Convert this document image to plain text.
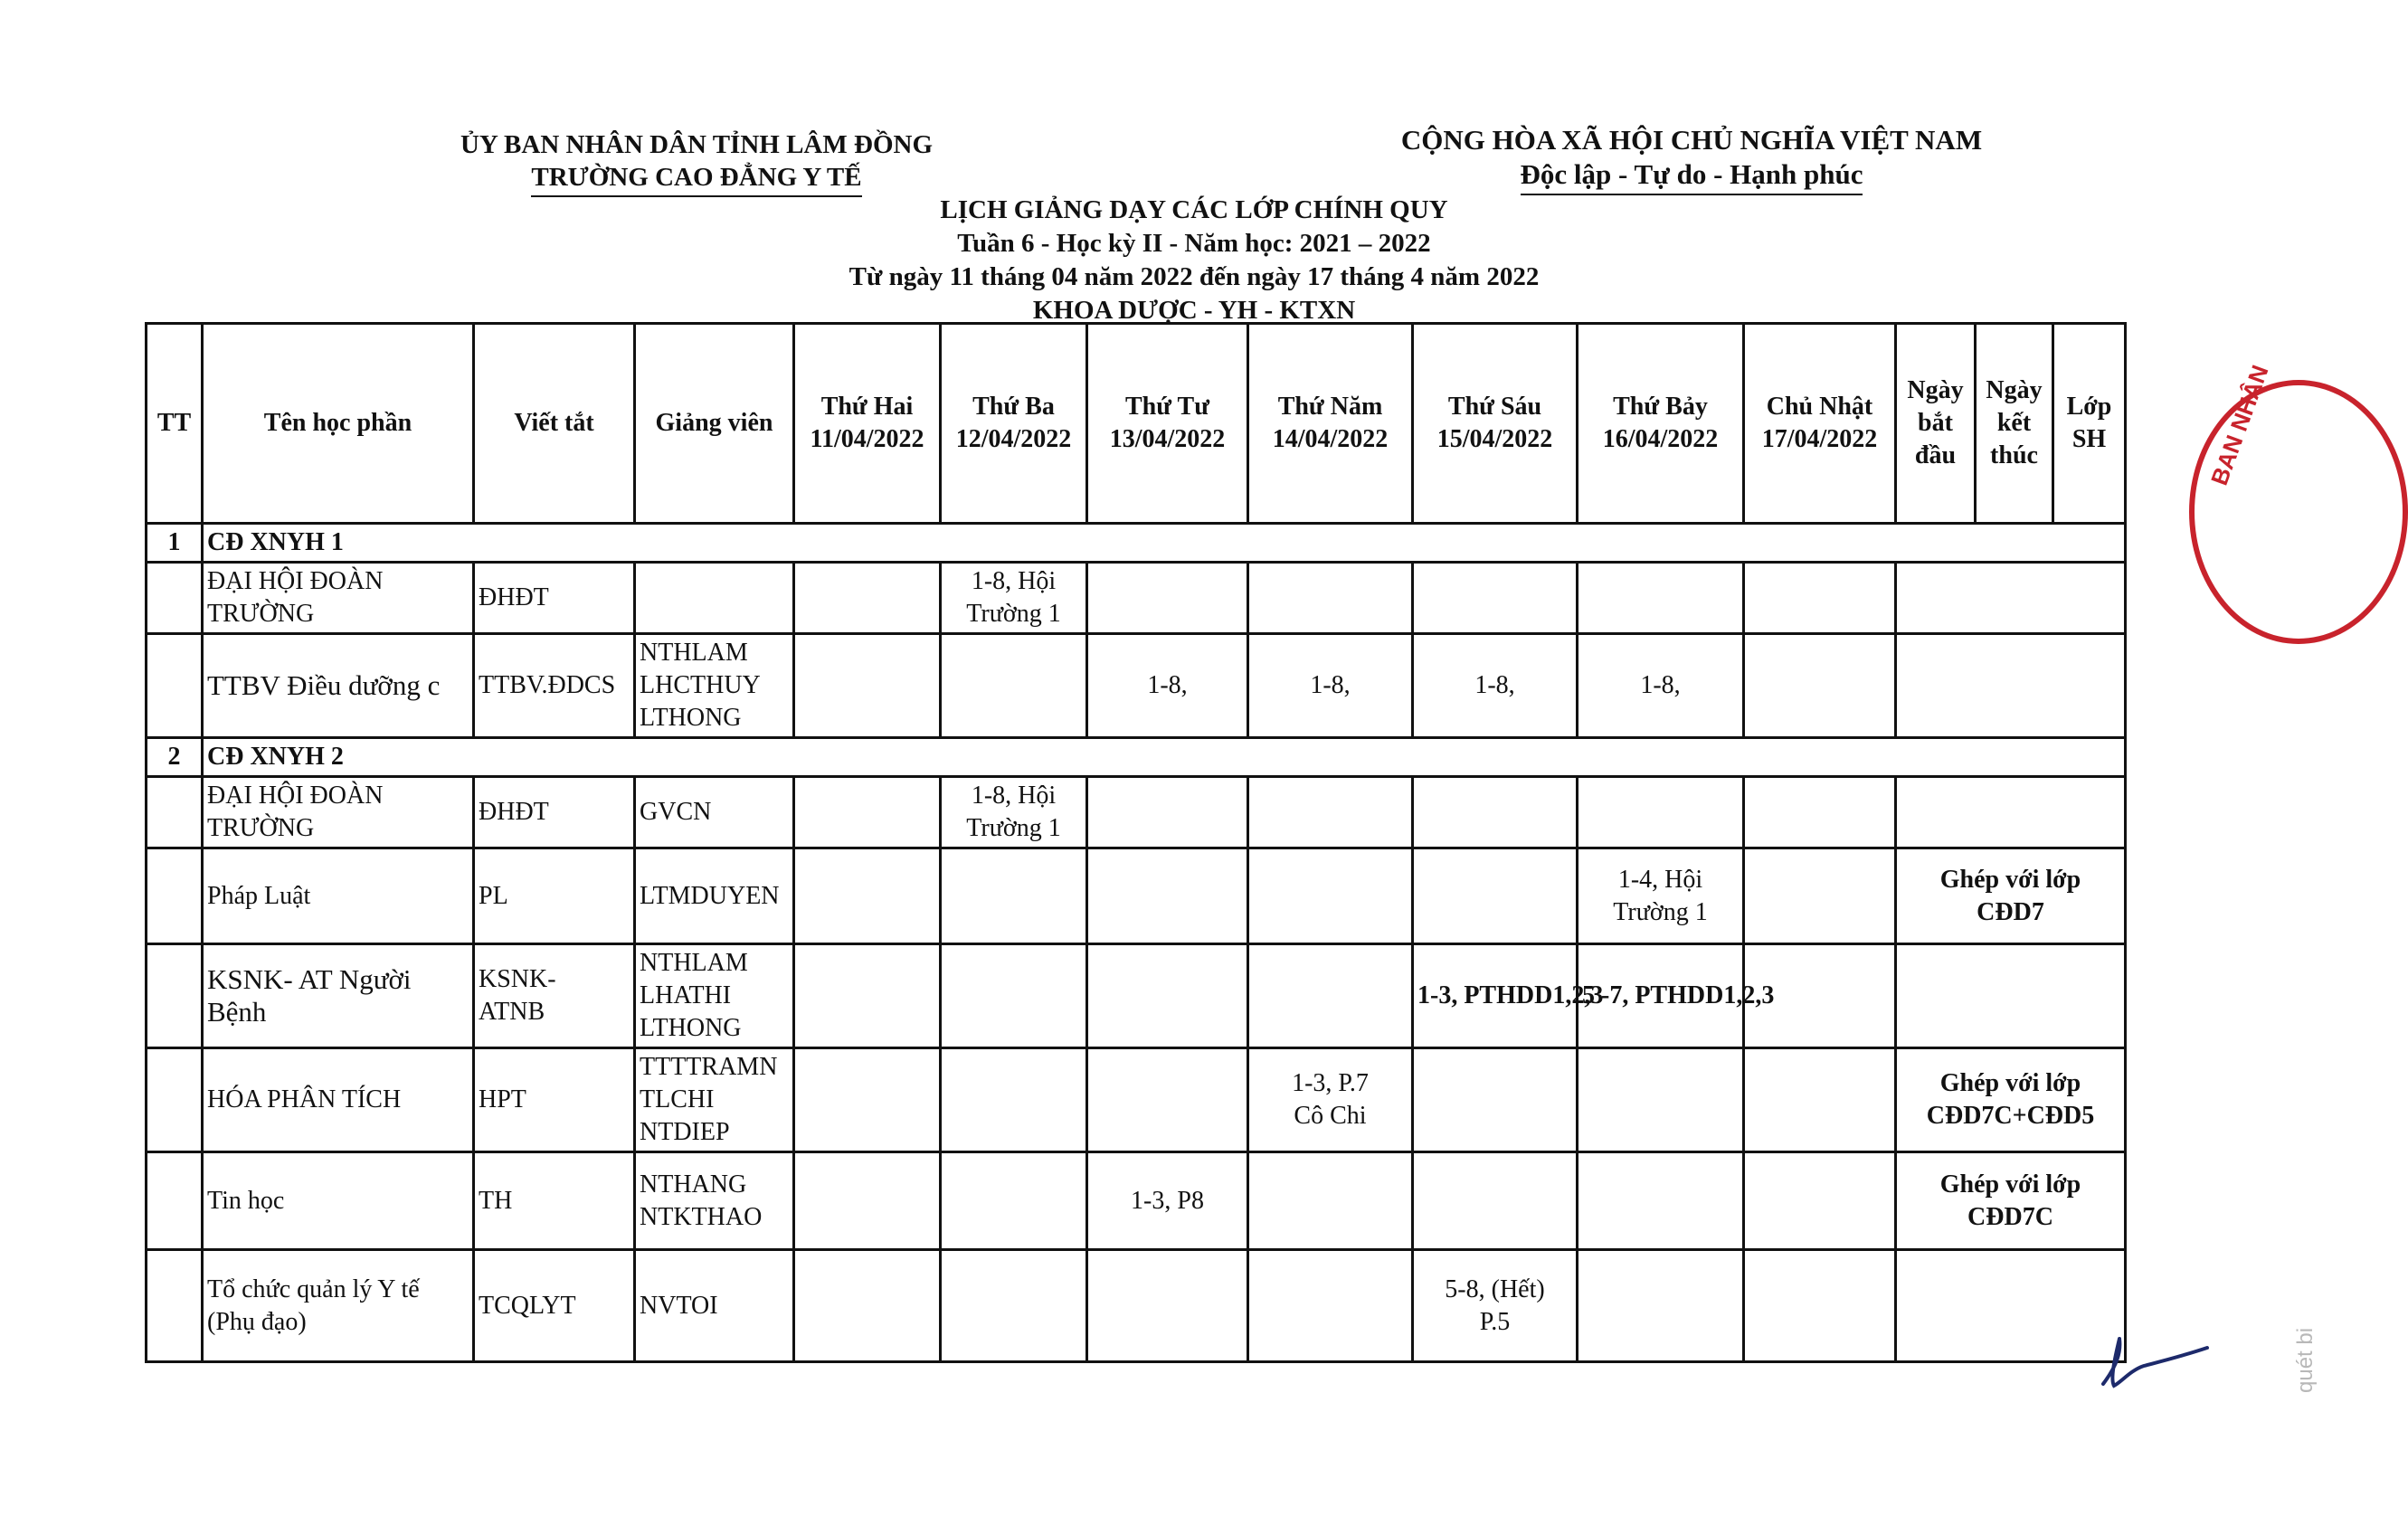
ỦY BAN NHÂN DÂN TỈNH LÂM ĐỒNG
TRƯỜNG CAO ĐẲNG Y TẾ
CỘNG HÒA XÃ HỘI CHỦ NGHĨA VIỆT NAM
Độc lập - Tự do - Hạnh phúc
LỊCH GIẢNG DẠY CÁC LỚP CHÍNH QUY
Tuần 6 - Học kỳ II - Năm học: 2021 – 2022
Từ ngày 11 tháng 04 năm 2022 đến ngày 17 tháng 4 năm 2022
KHOA DƯỢC - YH - KTXN
TT	Tên học phần	Viết tắt	Giảng viên	Thứ Hai
11/04/2022	Thứ Ba
12/04/2022	Thứ Tư
13/04/2022	Thứ Năm
14/04/2022	Thứ Sáu
15/04/2022	Thứ Bảy
16/04/2022	Chủ Nhật
17/04/2022	Ngày
bắt
đầu	Ngày
kết
thúc	Lớp
SH
1	CĐ XNYH 1												
	ĐẠI HỘI ĐOÀN
TRƯỜNG	ĐHĐT			1-8, Hội
Trường 1								
	TTBV Điều dưỡng c	TTBV.ĐDCS	NTHLAM
LHCTHUY
LTHONG			1-8,	1-8,	1-8,	1-8,				
2	CĐ XNYH 2												
	ĐẠI HỘI ĐOÀN
TRƯỜNG	ĐHĐT	GVCN		1-8, Hội
Trường 1								
	Pháp Luật	PL	LTMDUYEN						1-4, Hội
Trường 1		Ghép với lớp
CĐD7		
	KSNK- AT Người
Bệnh	KSNK-
ATNB	NTHLAM
LHATHI
LTHONG					1-3, PTHDD1,2,3	5 -7, PTHDD1,2,3				
	HÓA PHÂN TÍCH	HPT	TTTTRAMN
TLCHI
NTDIEP				1-3, P.7
Cô Chi				Ghép với lớp
CĐD7C+CĐD5		
	Tin học	TH	NTHANG
NTKTHAO			1-3, P8					Ghép với lớp
CĐD7C		
	Tổ chức quản lý Y tế
(Phụ đạo)	TCQLYT	NVTOI					5-8, (Hết)
P.5					
BAN NHÂN
quét bi
